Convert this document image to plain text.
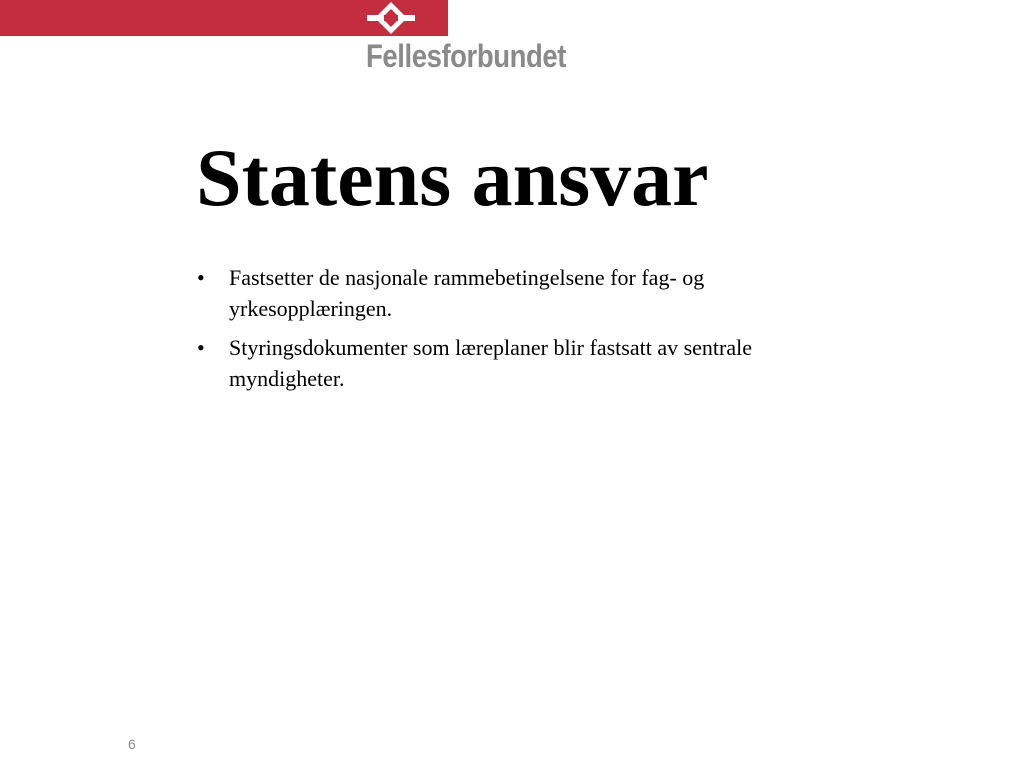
Fellesforbundet
Statens ansvar
• Fastsetter de nasjonale rammebetingelsene for fag- og yrkesopplæringen.
• Styringsdokumenter som læreplaner blir fastsatt av sentrale myndigheter.
6
